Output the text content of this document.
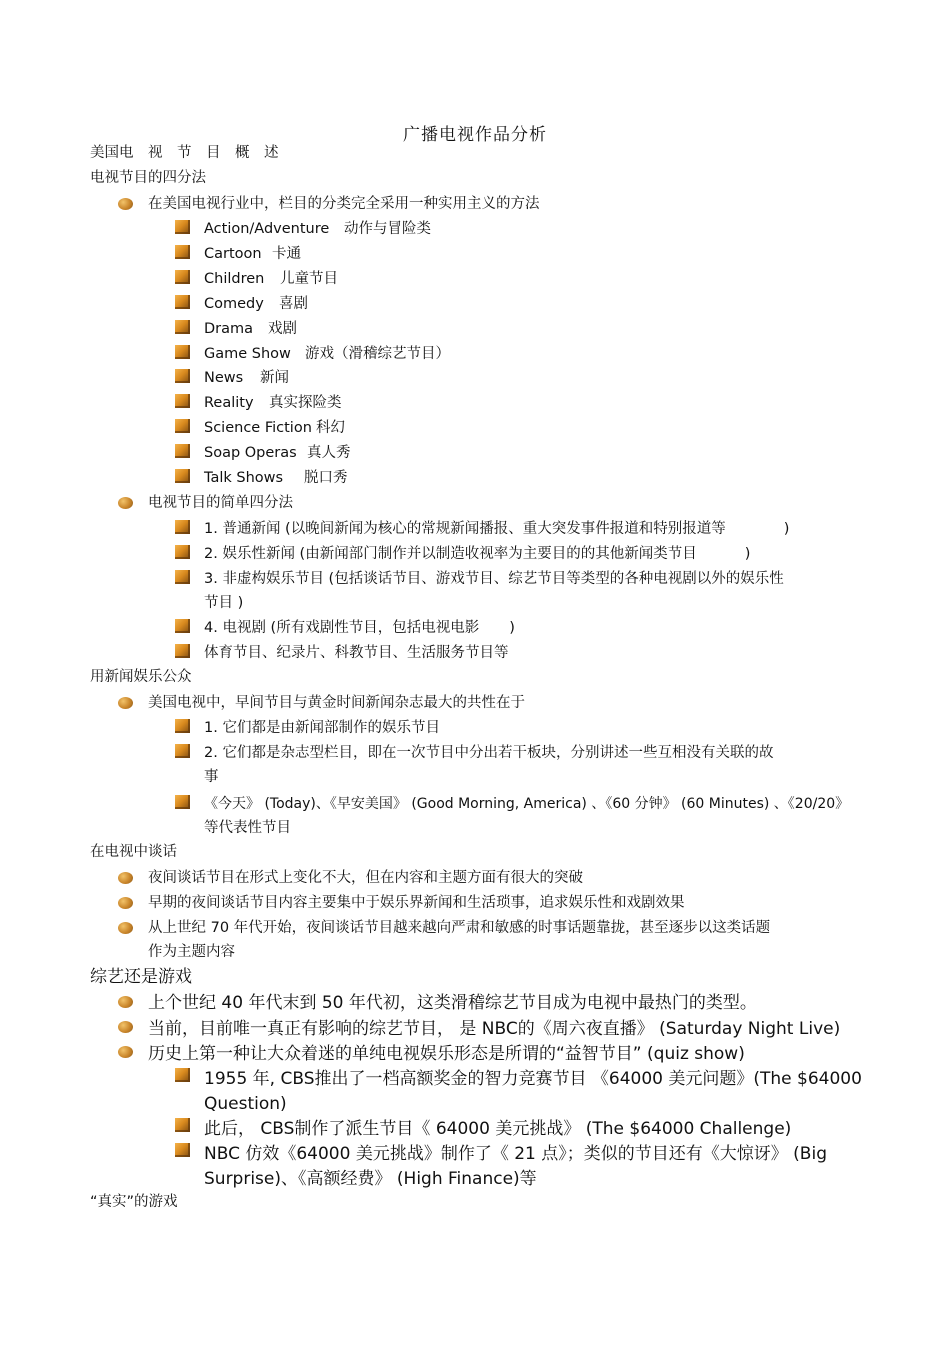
广播电视作品分析
美国电　视　节　目　概　述
电视节目的四分法
在美国电视行业中，栏目的分类完全采用一种实用主义的方法
Action/Adventure 动作与冒险类
Cartoon 卡通
Children 儿童节目
Comedy 喜剧
Drama 戏剧
Game Show 游戏（滑稽综艺节目）
News 新闻
Reality 真实探险类
Science Fiction 科幻
Soap Operas 真人秀
Talk Shows 脱口秀
电视节目的简单四分法
1. 普通新闻 (以晚间新闻为核心的常规新闻播报、重大突发事件报道和特别报道等	)
2. 娱乐性新闻 (由新闻部门制作并以制造收视率为主要目的的其他新闻类节目	)
3. 非虚构娱乐节目 (包括谈话节目、游戏节目、综艺节目等类型的各种电视剧以外的娱乐性
节目 )
4. 电视剧 (所有戏剧性节目，包括电视电影 )
体育节目、纪录片、科教节目、生活服务节目等
用新闻娱乐公众
美国电视中，早间节目与黄金时间新闻杂志最大的共性在于
1. 它们都是由新闻部制作的娱乐节目
2. 它们都是杂志型栏目，即在一次节目中分出若干板块，分别讲述一些互相没有关联的故
事
《今天》 (Today)、《早安美国》 (Good Morning, America) 、《60 分钟》 (60 Minutes) 、《20/20》
等代表性节目
在电视中谈话
夜间谈话节目在形式上变化不大，但在内容和主题方面有很大的突破
早期的夜间谈话节目内容主要集中于娱乐界新闻和生活琐事，追求娱乐性和戏剧效果
从上世纪 70 年代开始，夜间谈话节目越来越向严肃和敏感的时事话题靠拢，甚至逐步以这类话题
作为主题内容
综艺还是游戏
上个世纪 40 年代末到 50 年代初，这类滑稽综艺节目成为电视中最热门的类型。
当前，目前唯一真正有影响的综艺节目， 是 NBC的《周六夜直播》 (Saturday Night Live)
历史上第一种让大众着迷的单纯电视娱乐形态是所谓的“益智节目” (quiz show)
1955 年, CBS推出了一档高额奖金的智力竞赛节目 《64000 美元问题》(The $64000
Question)
此后， CBS制作了派生节目《 64000 美元挑战》 (The $64000 Challenge)
NBC 仿效《64000 美元挑战》制作了《 21 点》；类似的节目还有《大惊讶》 (Big
Surprise)、《高额经费》 (High Finance)等
“真实”的游戏
